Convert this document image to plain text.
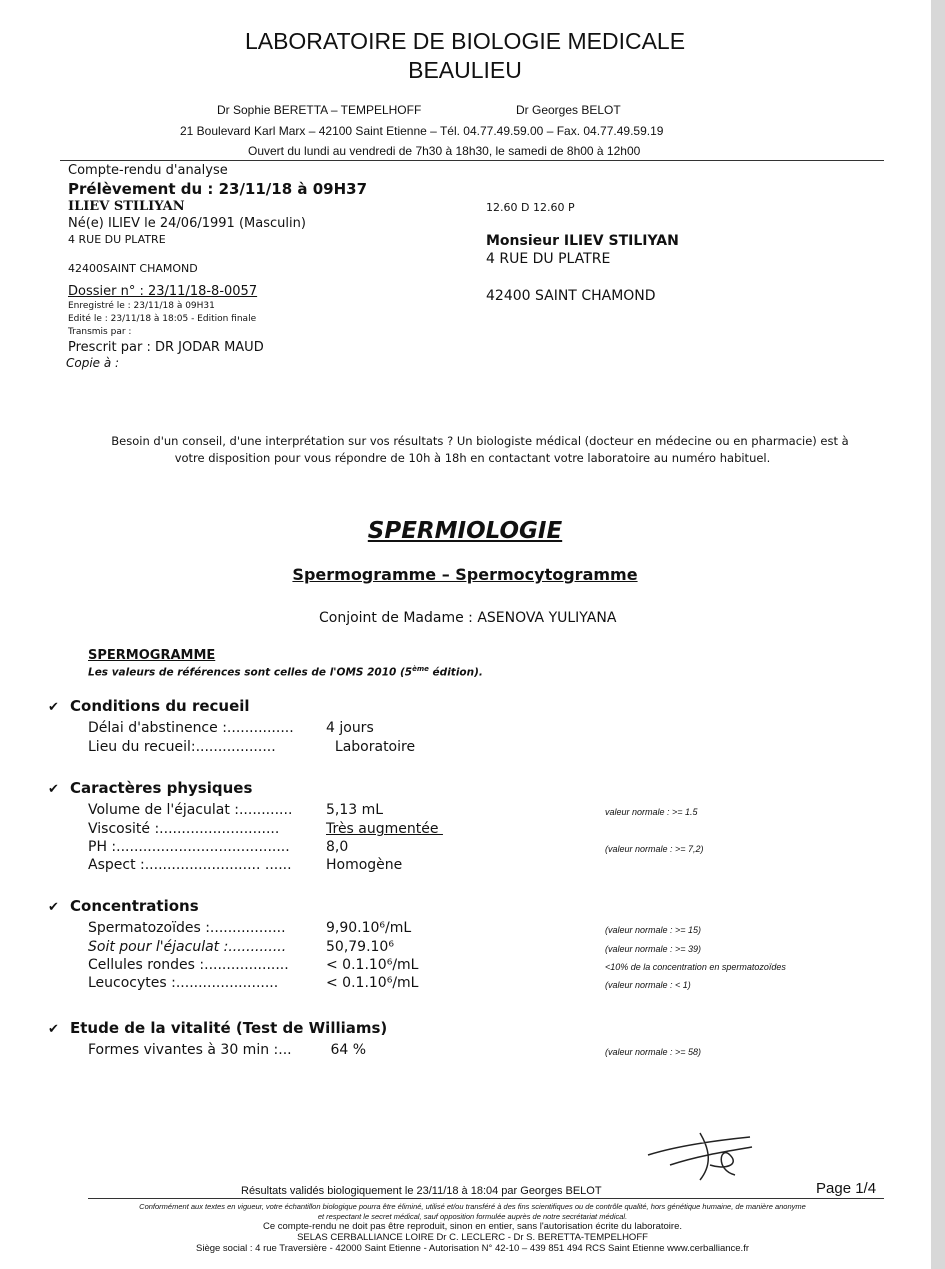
LABORATOIRE DE BIOLOGIE MEDICALE
BEAULIEU
Dr Sophie BERETTA – TEMPELHOFF	Dr Georges BELOT
21 Boulevard Karl Marx – 42100 Saint Etienne – Tél. 04.77.49.59.00 – Fax. 04.77.49.59.19
Ouvert du lundi au vendredi de 7h30 à 18h30, le samedi de 8h00 à 12h00
Compte-rendu d'analyse
Prélèvement du : 23/11/18 à 09H37
ILIEV STILIYAN
Né(e) ILIEV le 24/06/1991 (Masculin)
4 RUE DU PLATRE
42400SAINT CHAMOND
Dossier n° : 23/11/18-8-0057
Enregistré le : 23/11/18 à 09H31
Edité le : 23/11/18 à 18:05 - Edition finale
Transmis par :
Prescrit par : DR JODAR MAUD
Copie à :
12.60 D 12.60 P
Monsieur ILIEV STILIYAN
4 RUE DU PLATRE
42400 SAINT CHAMOND
Besoin d'un conseil, d'une interprétation sur vos résultats ? Un biologiste médical (docteur en médecine ou en pharmacie) est à
votre disposition pour vous répondre de 10h à 18h en contactant votre laboratoire au numéro habituel.
SPERMIOLOGIE
Spermogramme – Spermocytogramme
Conjoint de Madame : ASENOVA YULIYANA
SPERMOGRAMME
Les valeurs de références sont celles de l'OMS 2010 (5ème édition).
✔ Conditions du recueil
Délai d'abstinence :............... 4 jours
Lieu du recueil:..................	Laboratoire
✔ Caractères physiques
Volume de l'éjaculat :............ 5,13 mL	valeur normale : >= 1.5
Viscosité :...........................	Très augmentée
PH :.......................................	8,0	(valeur normale : >= 7,2)
Aspect :.......................... ...... Homogène
✔ Concentrations
Spermatozoïdes :.................	9,90.10⁶/mL	(valeur normale : >= 15)
Soit pour l'éjaculat :.............	50,79.10⁶	(valeur normale : >= 39)
Cellules rondes :...................	< 0.1.10⁶/mL	<10% de la concentration en spermatozoïdes
Leucocytes :.......................	< 0.1.10⁶/mL	(valeur normale : < 1)
✔ Etude de la vitalité (Test de Williams)
Formes vivantes à 30 min :... 64 %	(valeur normale : >= 58)
Résultats validés biologiquement le 23/11/18 à 18:04 par Georges BELOT	Page 1/4
Conformément aux textes en vigueur, votre échantillon biologique pourra être éliminé, utilisé et/ou transféré à des fins scientifiques ou de contrôle qualité, hors génétique humaine, de manière anonyme
et respectant le secret médical, sauf opposition formulée auprès de notre secrétariat médical.
Ce compte-rendu ne doit pas être reproduit, sinon en entier, sans l'autorisation écrite du laboratoire.
SELAS CERBALLIANCE LOIRE Dr C. LECLERC - Dr S. BERETTA-TEMPELHOFF
Siège social : 4 rue Traversière - 42000 Saint Etienne - Autorisation N° 42-10 – 439 851 494 RCS Saint Etienne www.cerballiance.fr
